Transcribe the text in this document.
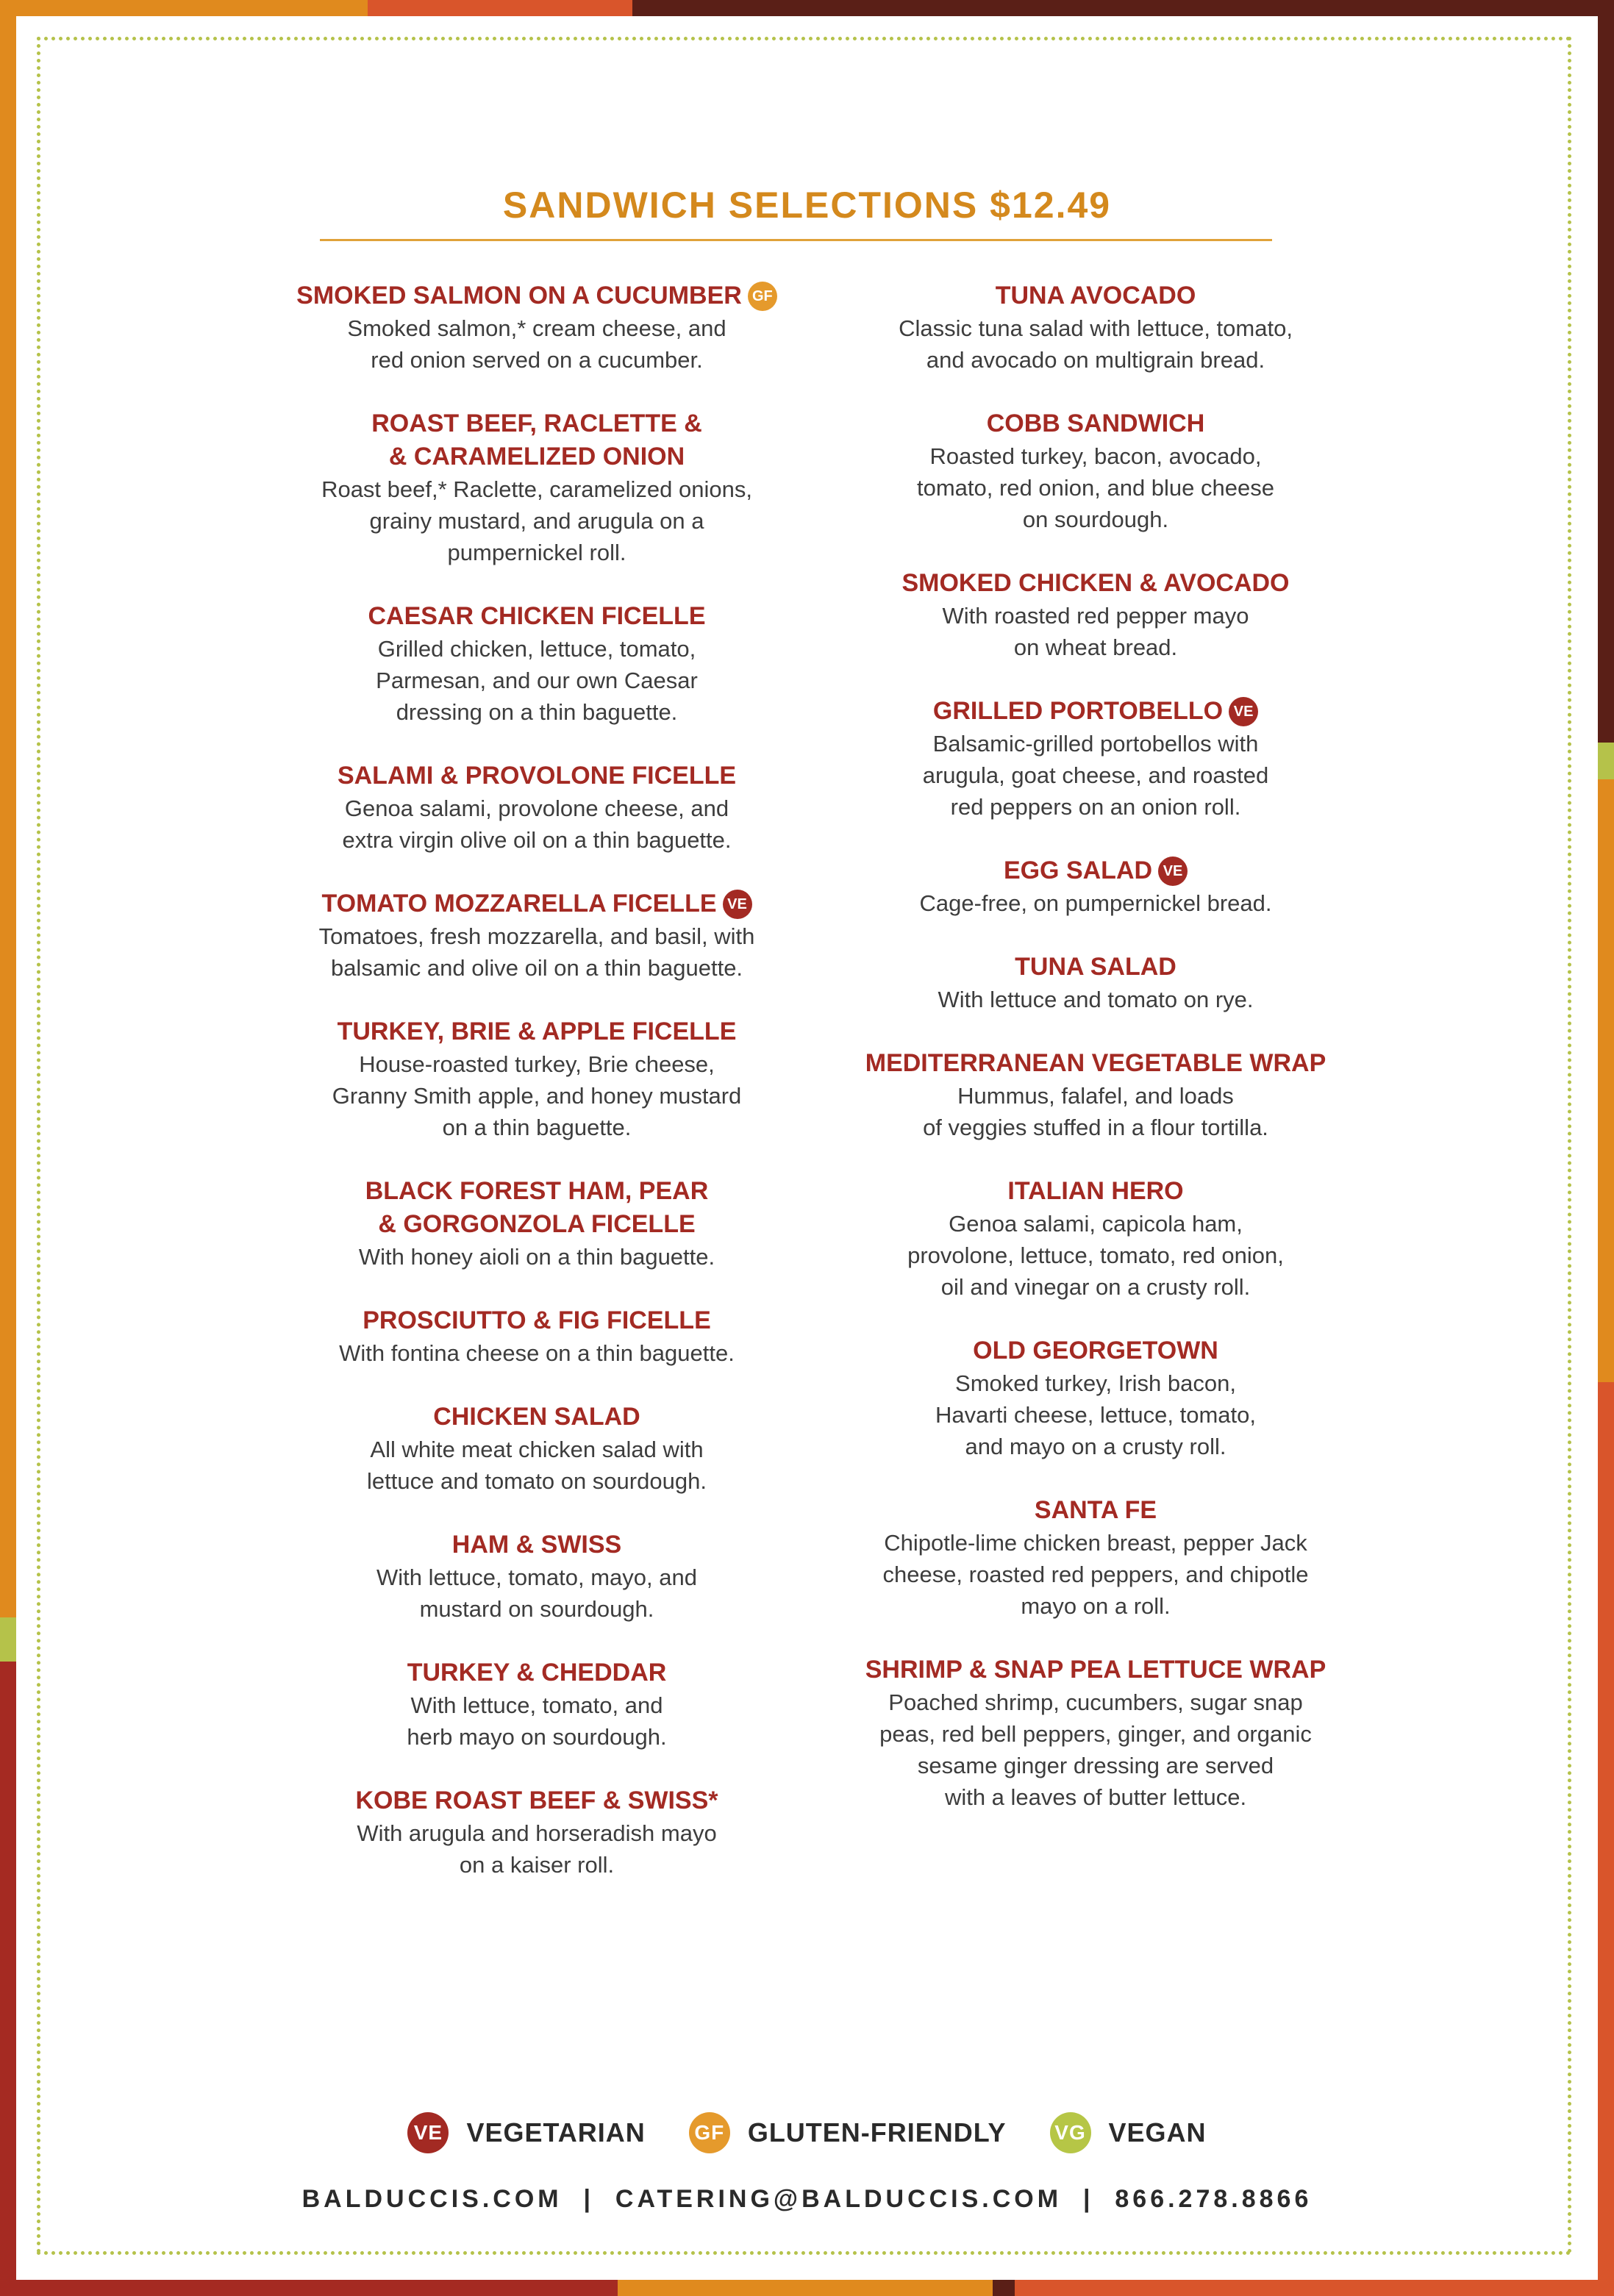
SANDWICH SELECTIONS $12.49
SMOKED SALMON ON A CUCUMBER GF
Smoked salmon,* cream cheese, and
red onion served on a cucumber.
ROAST BEEF, RACLETTE &
& CARAMELIZED ONION
Roast beef,* Raclette, caramelized onions,
grainy mustard, and arugula on a
pumpernickel roll.
CAESAR CHICKEN FICELLE
Grilled chicken, lettuce, tomato,
Parmesan, and our own Caesar
dressing on a thin baguette.
SALAMI & PROVOLONE FICELLE
Genoa salami, provolone cheese, and
extra virgin olive oil on a thin baguette.
TOMATO MOZZARELLA FICELLE VE
Tomatoes, fresh mozzarella, and basil, with
balsamic and olive oil on a thin baguette.
TURKEY, BRIE & APPLE FICELLE
House-roasted turkey, Brie cheese,
Granny Smith apple, and honey mustard
on a thin baguette.
BLACK FOREST HAM, PEAR
& GORGONZOLA FICELLE
With honey aioli on a thin baguette.
PROSCIUTTO & FIG FICELLE
With fontina cheese on a thin baguette.
CHICKEN SALAD
All white meat chicken salad with
lettuce and tomato on sourdough.
HAM & SWISS
With lettuce, tomato, mayo, and
mustard on sourdough.
TURKEY & CHEDDAR
With lettuce, tomato, and
herb mayo on sourdough.
KOBE ROAST BEEF & SWISS*
With arugula and horseradish mayo
on a kaiser roll.
TUNA AVOCADO
Classic tuna salad with lettuce, tomato,
and avocado on multigrain bread.
COBB SANDWICH
Roasted turkey, bacon, avocado,
tomato, red onion, and blue cheese
on sourdough.
SMOKED CHICKEN & AVOCADO
With roasted red pepper mayo
on wheat bread.
GRILLED PORTOBELLO VE
Balsamic-grilled portobellos with
arugula, goat cheese, and roasted
red peppers on an onion roll.
EGG SALAD VE
Cage-free, on pumpernickel bread.
TUNA SALAD
With lettuce and tomato on rye.
MEDITERRANEAN VEGETABLE WRAP
Hummus, falafel, and loads
of veggies stuffed in a flour tortilla.
ITALIAN HERO
Genoa salami, capicola ham,
provolone, lettuce, tomato, red onion,
oil and vinegar on a crusty roll.
OLD GEORGETOWN
Smoked turkey, Irish bacon,
Havarti cheese, lettuce, tomato,
and mayo on a crusty roll.
SANTA FE
Chipotle-lime chicken breast, pepper Jack
cheese, roasted red peppers, and chipotle
mayo on a roll.
SHRIMP & SNAP PEA LETTUCE WRAP
Poached shrimp, cucumbers, sugar snap
peas, red bell peppers, ginger, and organic
sesame ginger dressing are served
with a leaves of butter lettuce.
VE VEGETARIAN GF GLUTEN-FRIENDLY VG VEGAN
BALDUCCIS.COM  |  CATERING@BALDUCCIS.COM  |  866.278.8866
